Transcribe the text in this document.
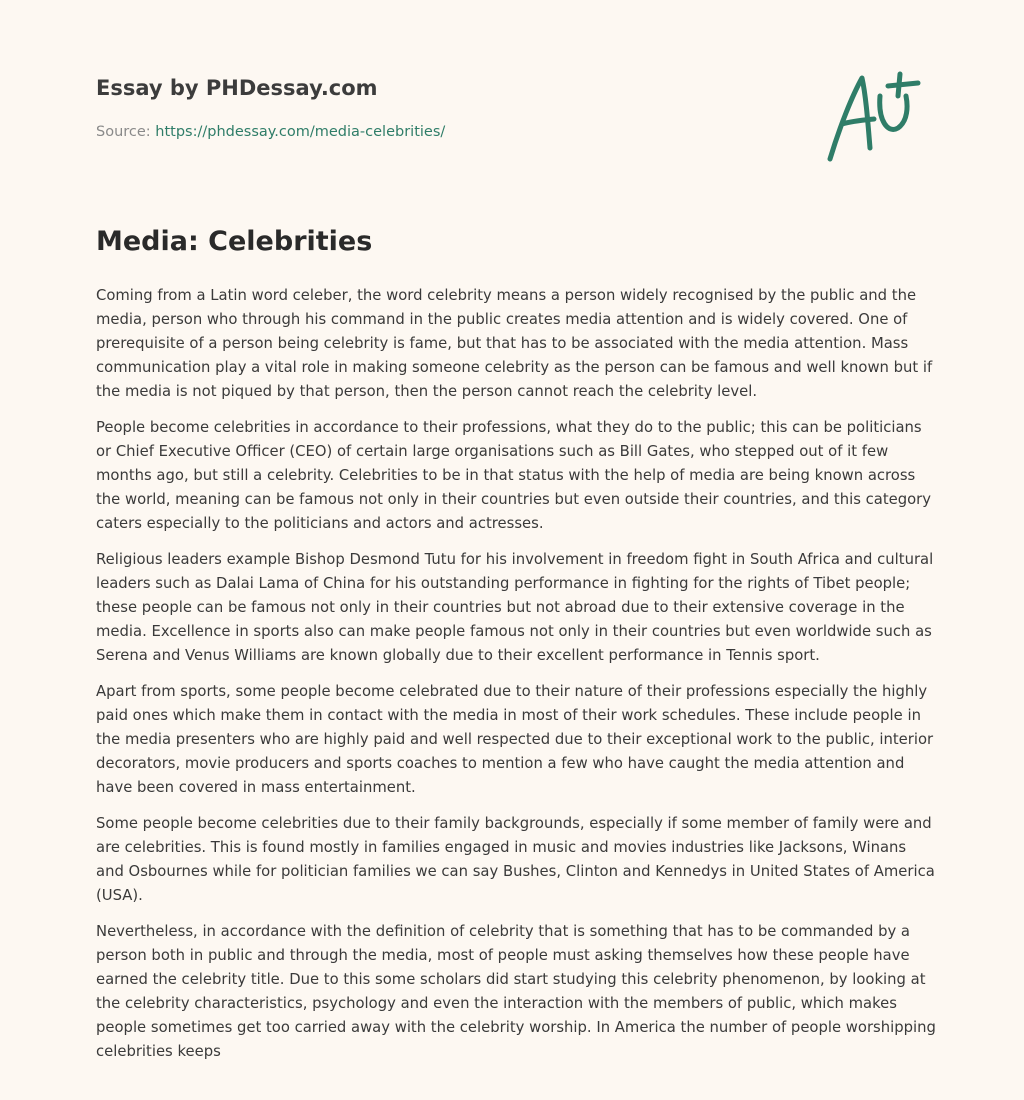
Essay by PHDessay.com
Source: https://phdessay.com/media-celebrities/
Media: Celebrities

Coming from a Latin word celeber, the word celebrity means a person widely recognised by the public and the media, person who through his command in the public creates media attention and is widely covered. One of prerequisite of a person being celebrity is fame, but that has to be associated with the media attention. Mass communication play a vital role in making someone celebrity as the person can be famous and well known but if the media is not piqued by that person, then the person cannot reach the celebrity level.

People become celebrities in accordance to their professions, what they do to the public; this can be politicians or Chief Executive Officer (CEO) of certain large organisations such as Bill Gates, who stepped out of it few months ago, but still a celebrity. Celebrities to be in that status with the help of media are being known across the world, meaning can be famous not only in their countries but even outside their countries, and this category caters especially to the politicians and actors and actresses.

Religious leaders example Bishop Desmond Tutu for his involvement in freedom fight in South Africa and cultural leaders such as Dalai Lama of China for his outstanding performance in fighting for the rights of Tibet people; these people can be famous not only in their countries but not abroad due to their extensive coverage in the media. Excellence in sports also can make people famous not only in their countries but even worldwide such as Serena and Venus Williams are known globally due to their excellent performance in Tennis sport.

Apart from sports, some people become celebrated due to their nature of their professions especially the highly paid ones which make them in contact with the media in most of their work schedules. These include people in the media presenters who are highly paid and well respected due to their exceptional work to the public, interior decorators, movie producers and sports coaches to mention a few who have caught the media attention and have been covered in mass entertainment.

Some people become celebrities due to their family backgrounds, especially if some member of family were and are celebrities. This is found mostly in families engaged in music and movies industries like Jacksons, Winans and Osbournes while for politician families we can say Bushes, Clinton and Kennedys in United States of America (USA).

Nevertheless, in accordance with the definition of celebrity that is something that has to be commanded by a person both in public and through the media, most of people must asking themselves how these people have earned the celebrity title. Due to this some scholars did start studying this celebrity phenomenon, by looking at the celebrity characteristics, psychology and even the interaction with the members of public, which makes people sometimes get too carried away with the celebrity worship. In America the number of people worshipping celebrities keeps
